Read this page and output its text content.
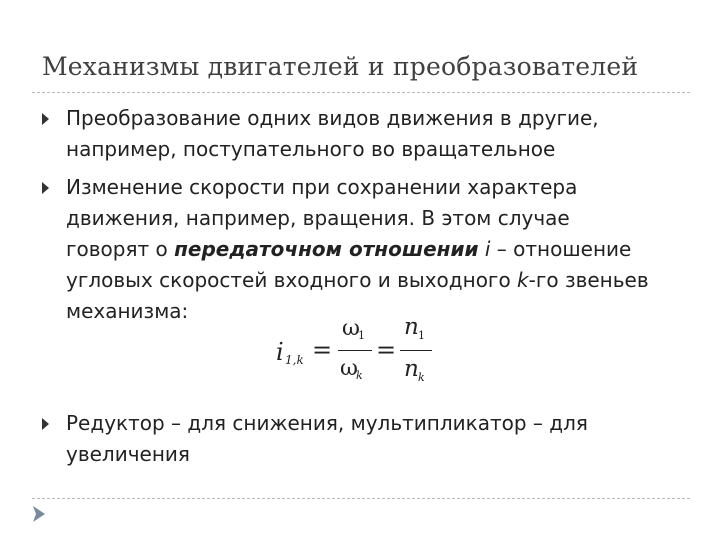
Механизмы двигателей и преобразователей

Преобразование одних видов движения в другие,
например, поступательного во вращательное

Изменение скорости при сохранении характера
движения, например, вращения. В этом случае
говорят о передаточном отношении i – отношение
угловых скоростей входного и выходного k-го звеньев
механизма:

i 1,k =
ω
1
ω
k
=
n 1
n k

Редуктор – для снижения, мультипликатор – для
увеличения
